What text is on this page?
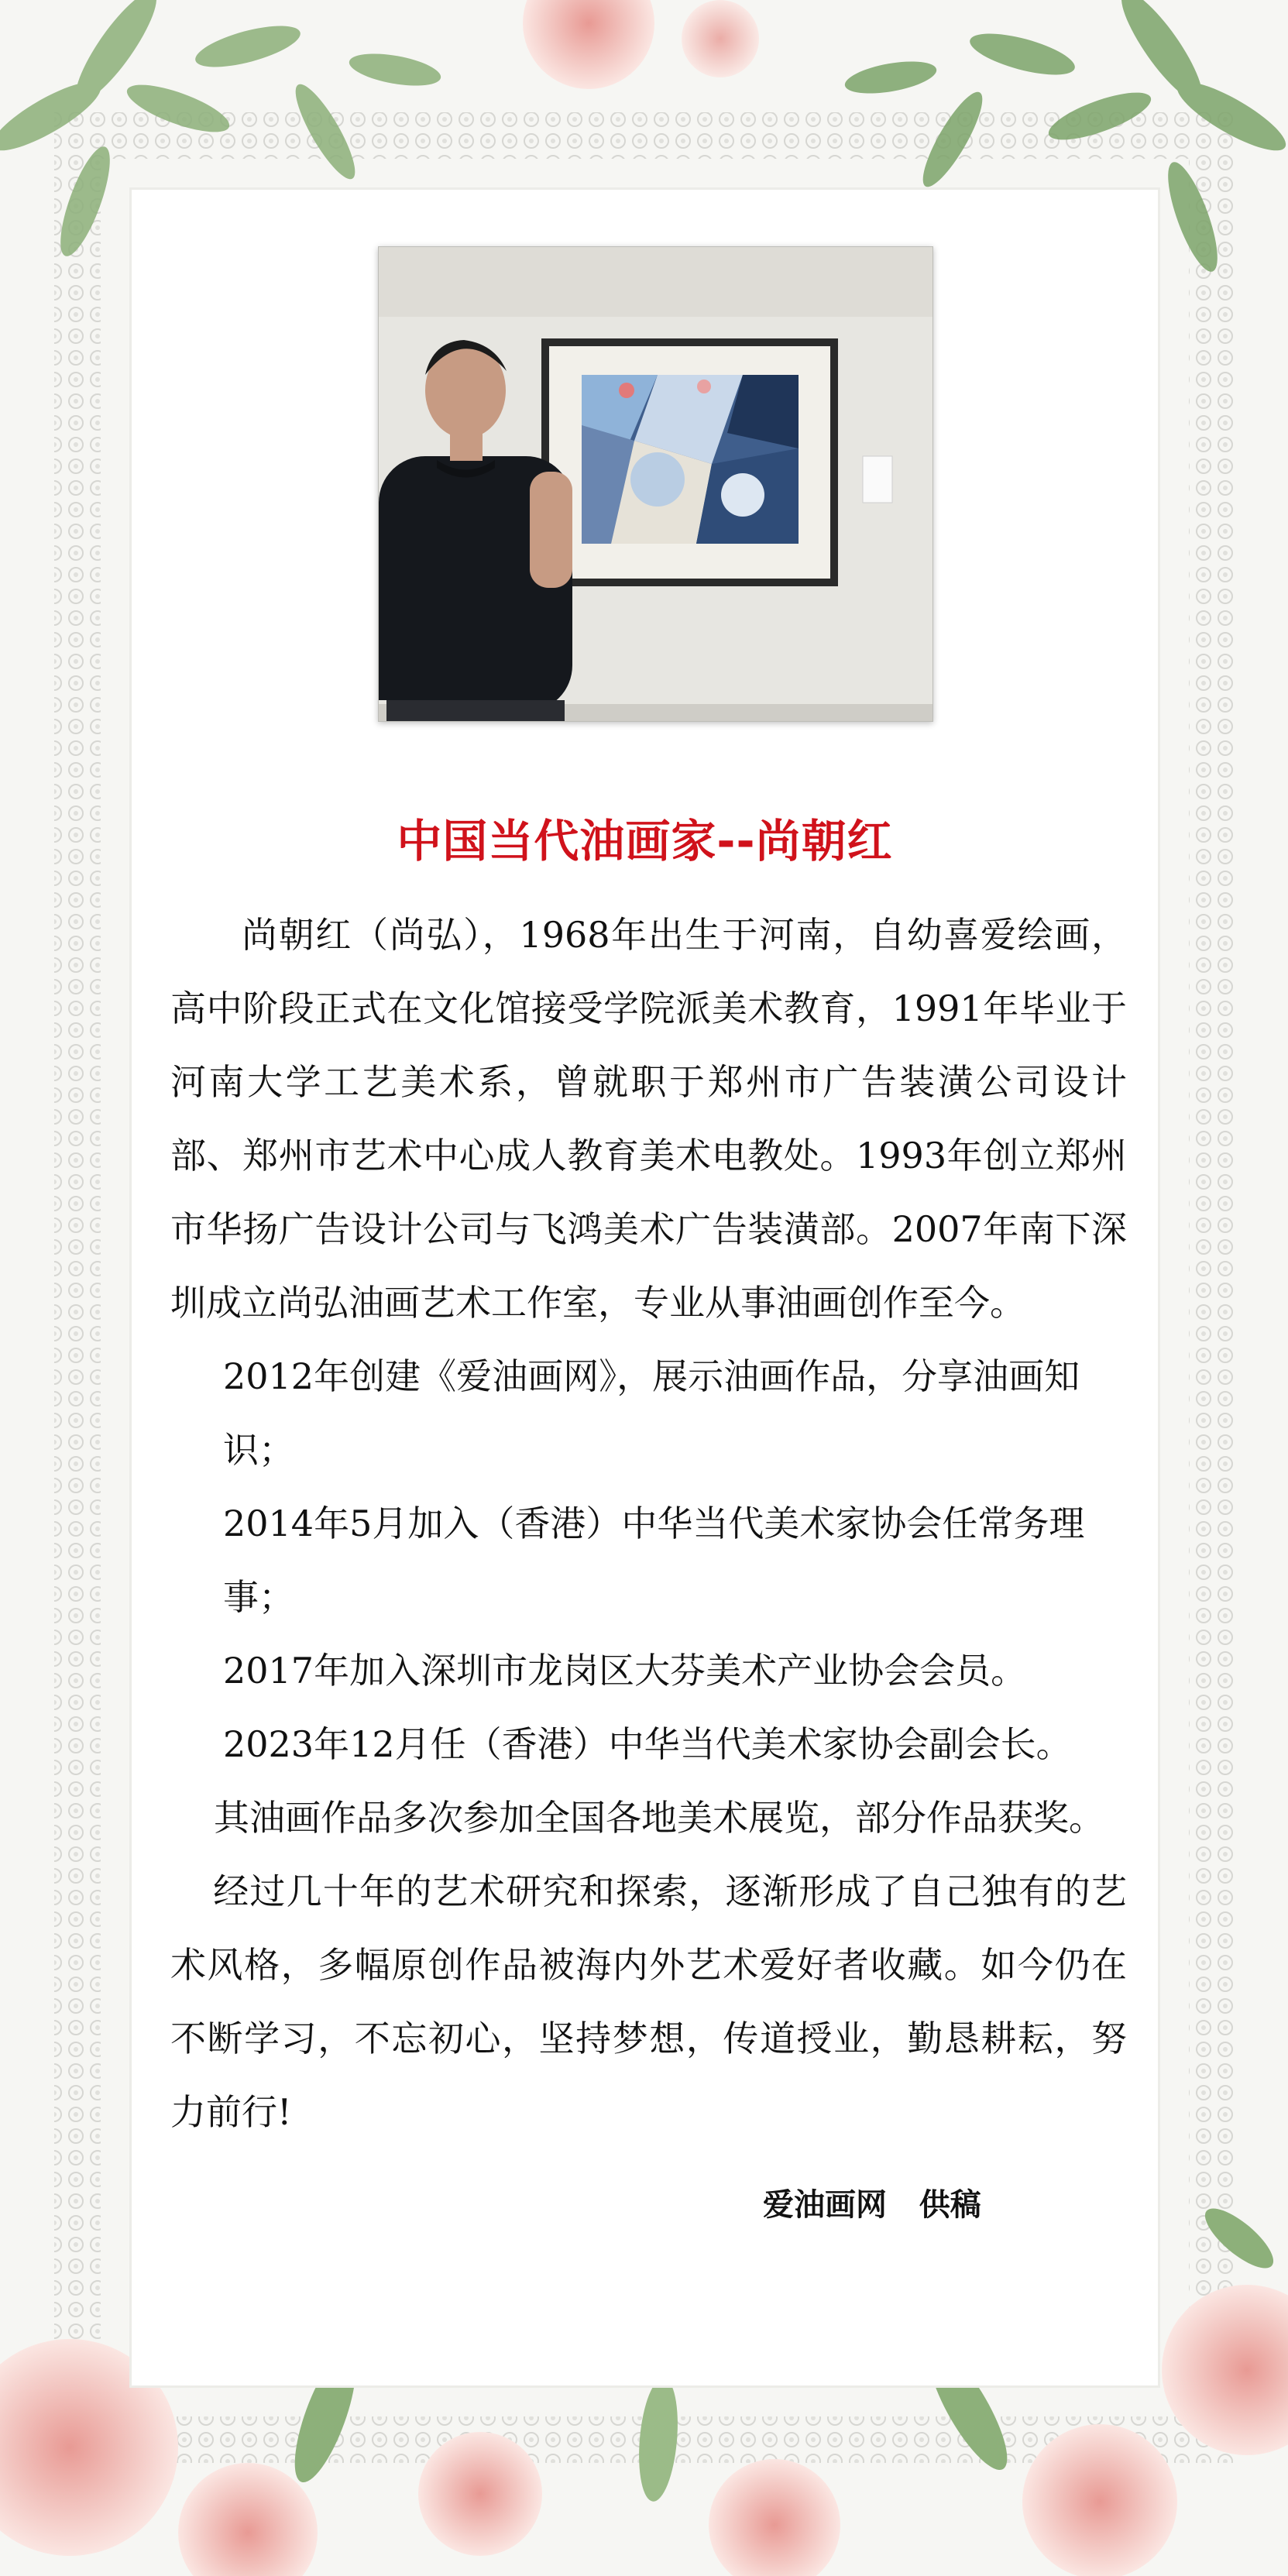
中国当代油画家--尚朝红

尚朝红（尚弘），1968年出生于河南，自幼喜爱绘画，高中阶段正式在文化馆接受学院派美术教育，1991年毕业于河南大学工艺美术系，曾就职于郑州市广告装潢公司设计部、郑州市艺术中心成人教育美术电教处。1993年创立郑州市华扬广告设计公司与飞鸿美术广告装潢部。2007年南下深圳成立尚弘油画艺术工作室，专业从事油画创作至今。

2012年创建《爱油画网》，展示油画作品，分享油画知识；

2014年5月加入（香港）中华当代美术家协会任常务理事；

2017年加入深圳市龙岗区大芬美术产业协会会员。

2023年12月任（香港）中华当代美术家协会副会长。

其油画作品多次参加全国各地美术展览，部分作品获奖。

经过几十年的艺术研究和探索，逐渐形成了自己独有的艺术风格，多幅原创作品被海内外艺术爱好者收藏。如今仍在不断学习，不忘初心，坚持梦想，传道授业，勤恳耕耘，努力前行!

爱油画网   供稿
